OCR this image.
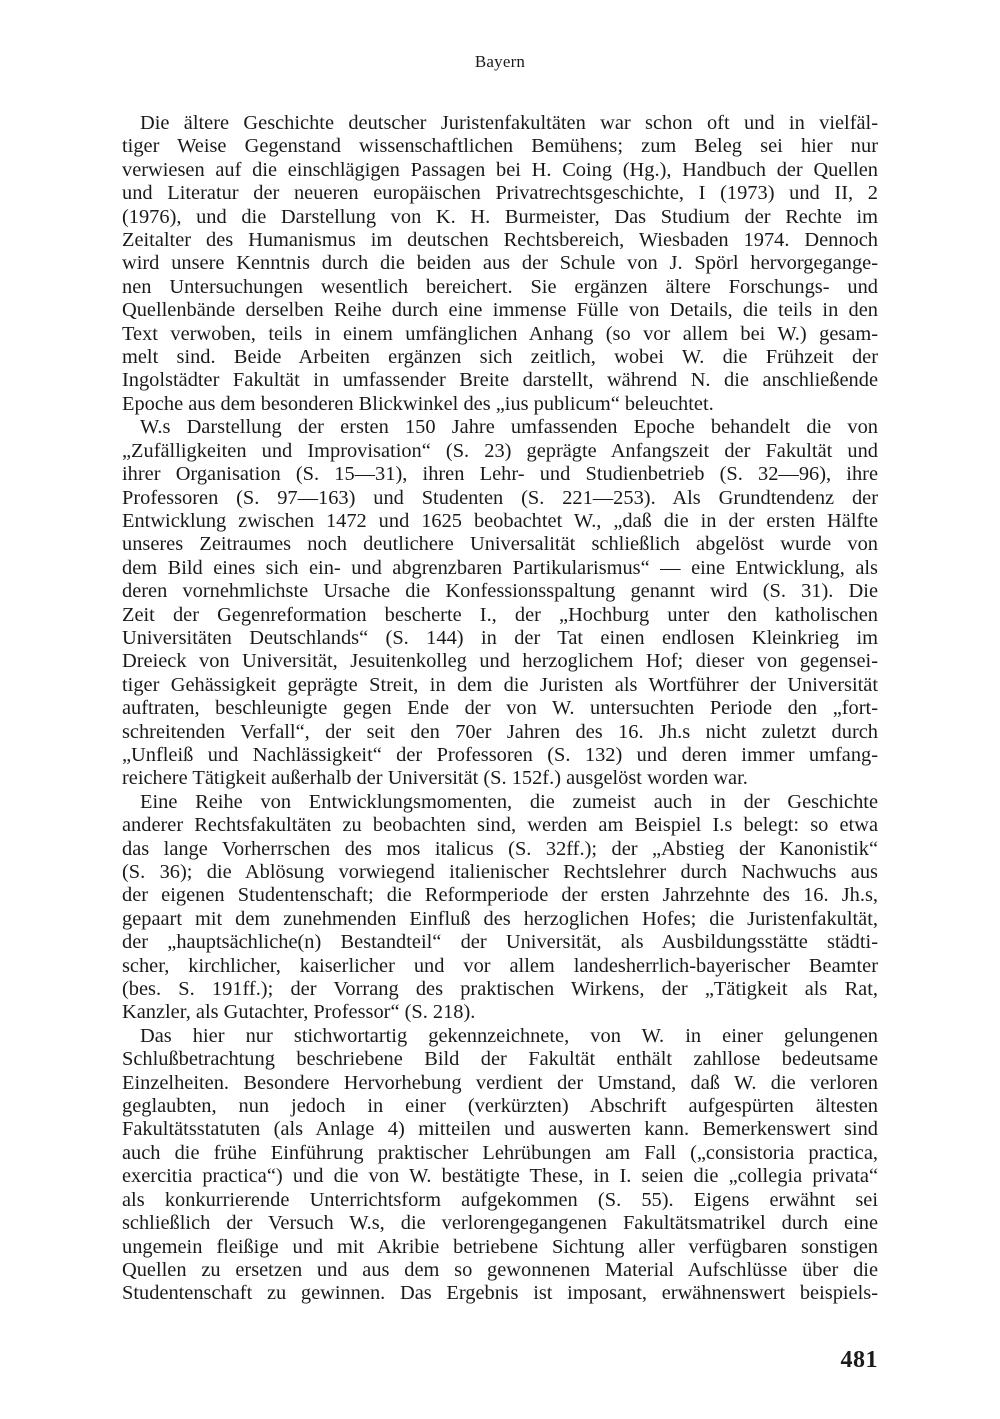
Bayern
Die ältere Geschichte deutscher Juristenfakultäten war schon oft und in vielfäl-
tiger Weise Gegenstand wissenschaftlichen Bemühens; zum Beleg sei hier nur
verwiesen auf die einschlägigen Passagen bei H. Coing (Hg.), Handbuch der Quellen
und Literatur der neueren europäischen Privatrechtsgeschichte, I (1973) und II, 2
(1976), und die Darstellung von K. H. Burmeister, Das Studium der Rechte im
Zeitalter des Humanismus im deutschen Rechtsbereich, Wiesbaden 1974. Dennoch
wird unsere Kenntnis durch die beiden aus der Schule von J. Spörl hervorgegange-
nen Untersuchungen wesentlich bereichert. Sie ergänzen ältere Forschungs- und
Quellenbände derselben Reihe durch eine immense Fülle von Details, die teils in den
Text verwoben, teils in einem umfänglichen Anhang (so vor allem bei W.) gesam-
melt sind. Beide Arbeiten ergänzen sich zeitlich, wobei W. die Frühzeit der
Ingolstädter Fakultät in umfassender Breite darstellt, während N. die anschließende
Epoche aus dem besonderen Blickwinkel des „ius publicum“ beleuchtet.
W.s Darstellung der ersten 150 Jahre umfassenden Epoche behandelt die von
„Zufälligkeiten und Improvisation“ (S. 23) geprägte Anfangszeit der Fakultät und
ihrer Organisation (S. 15—31), ihren Lehr- und Studienbetrieb (S. 32—96), ihre
Professoren (S. 97—163) und Studenten (S. 221—253). Als Grundtendenz der
Entwicklung zwischen 1472 und 1625 beobachtet W., „daß die in der ersten Hälfte
unseres Zeitraumes noch deutlichere Universalität schließlich abgelöst wurde von
dem Bild eines sich ein- und abgrenzbaren Partikularismus“ — eine Entwicklung, als
deren vornehmlichste Ursache die Konfessionsspaltung genannt wird (S. 31). Die
Zeit der Gegenreformation bescherte I., der „Hochburg unter den katholischen
Universitäten Deutschlands“ (S. 144) in der Tat einen endlosen Kleinkrieg im
Dreieck von Universität, Jesuitenkolleg und herzoglichem Hof; dieser von gegensei-
tiger Gehässigkeit geprägte Streit, in dem die Juristen als Wortführer der Universität
auftraten, beschleunigte gegen Ende der von W. untersuchten Periode den „fort-
schreitenden Verfall“, der seit den 70er Jahren des 16. Jh.s nicht zuletzt durch
„Unfleiß und Nachlässigkeit“ der Professoren (S. 132) und deren immer umfang-
reichere Tätigkeit außerhalb der Universität (S. 152f.) ausgelöst worden war.
Eine Reihe von Entwicklungsmomenten, die zumeist auch in der Geschichte
anderer Rechtsfakultäten zu beobachten sind, werden am Beispiel I.s belegt: so etwa
das lange Vorherrschen des mos italicus (S. 32ff.); der „Abstieg der Kanonistik“
(S. 36); die Ablösung vorwiegend italienischer Rechtslehrer durch Nachwuchs aus
der eigenen Studentenschaft; die Reformperiode der ersten Jahrzehnte des 16. Jh.s,
gepaart mit dem zunehmenden Einfluß des herzoglichen Hofes; die Juristenfakultät,
der „hauptsächliche(n) Bestandteil“ der Universität, als Ausbildungsstätte städti-
scher, kirchlicher, kaiserlicher und vor allem landesherrlich-bayerischer Beamter
(bes. S. 191ff.); der Vorrang des praktischen Wirkens, der „Tätigkeit als Rat,
Kanzler, als Gutachter, Professor“ (S. 218).
Das hier nur stichwortartig gekennzeichnete, von W. in einer gelungenen
Schlußbetrachtung beschriebene Bild der Fakultät enthält zahllose bedeutsame
Einzelheiten. Besondere Hervorhebung verdient der Umstand, daß W. die verloren
geglaubten, nun jedoch in einer (verkürzten) Abschrift aufgespürten ältesten
Fakultätsstatuten (als Anlage 4) mitteilen und auswerten kann. Bemerkenswert sind
auch die frühe Einführung praktischer Lehrübungen am Fall („consistoria practica,
exercitia practica“) und die von W. bestätigte These, in I. seien die „collegia privata“
als konkurrierende Unterrichtsform aufgekommen (S. 55). Eigens erwähnt sei
schließlich der Versuch W.s, die verlorengegangenen Fakultätsmatrikel durch eine
ungemein fleißige und mit Akribie betriebene Sichtung aller verfügbaren sonstigen
Quellen zu ersetzen und aus dem so gewonnenen Material Aufschlüsse über die
Studentenschaft zu gewinnen. Das Ergebnis ist imposant, erwähnenswert beispiels-
481
